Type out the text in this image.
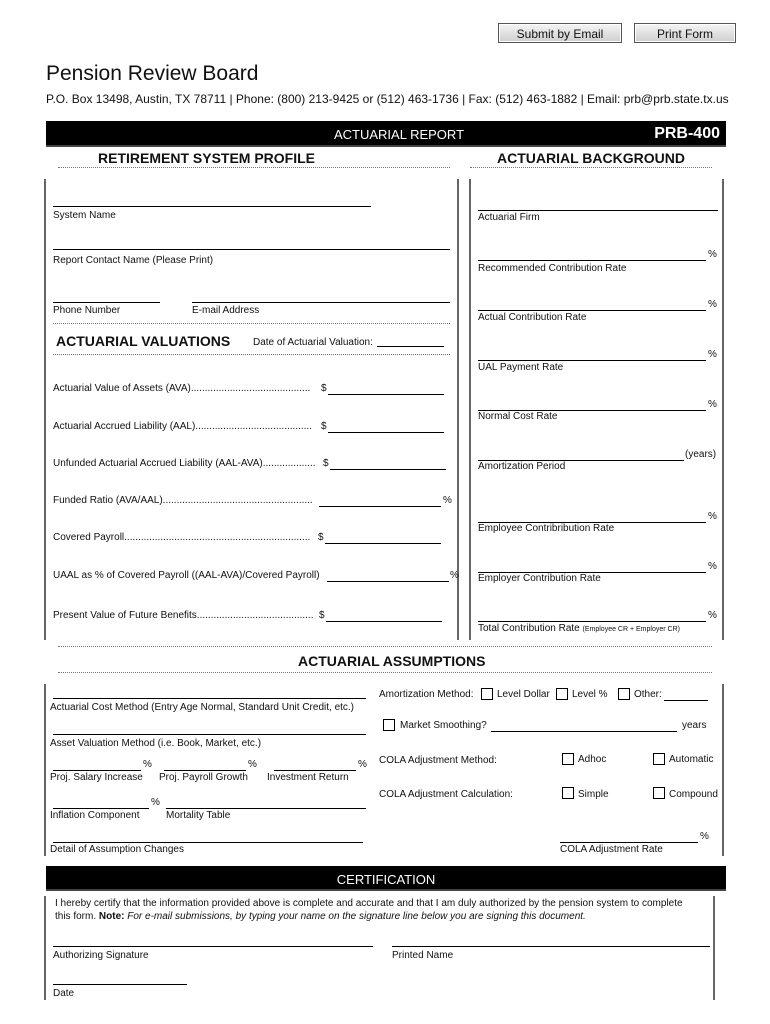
Submit by Email	Print Form
Pension Review Board
P.O. Box 13498, Austin, TX 78711 | Phone: (800) 213-9425 or (512) 463-1736 | Fax: (512) 463-1882 | Email: prb@prb.state.tx.us
ACTUARIAL REPORT	PRB-400
RETIREMENT SYSTEM PROFILE	ACTUARIAL BACKGROUND
System Name
Report Contact Name (Please Print)
Phone Number	E-mail Address
ACTUARIAL VALUATIONS Date of Actuarial Valuation:
Actuarial Value of Assets (AVA)........................................... $
Actuarial Accrued Liability (AAL).......................................... $
Unfunded Actuarial Accrued Liability (AAL-AVA)................... $
Funded Ratio (AVA/AAL)......................................................	%
Covered Payroll................................................................... $
UAAL as % of Covered Payroll ((AAL-AVA)/Covered Payroll)	%
Present Value of Future Benefits.......................................... $
Actuarial Firm
%
Recommended Contribution Rate
%
Actual Contribution Rate
%
UAL Payment Rate
%
Normal Cost Rate
(years)
Amortization Period
%
Employee Contribribution Rate
%
Employer Contribution Rate
%
Total Contribution Rate (Employee CR + Employer CR)
ACTUARIAL ASSUMPTIONS
Actuarial Cost Method (Entry Age Normal, Standard Unit Credit, etc.)
Asset Valuation Method (i.e. Book, Market, etc.)
%	%	%
Proj. Salary Increase Proj. Payroll Growth Investment Return
%
Inflation Component	Mortality Table
Detail of Assumption Changes
Amortization Method: Level Dollar Level %	Other:
Market Smoothing?	years
COLA Adjustment Method:	Adhoc	Automatic
COLA Adjustment Calculation:	Simple	Compound
%
COLA Adjustment Rate
CERTIFICATION
I hereby certify that the information provided above is complete and accurate and that I am duly authorized by the pension system to complete
this form. Note: For e-mail submissions, by typing your name on the signature line below you are signing this document.
Authorizing Signature	Printed Name
Date
